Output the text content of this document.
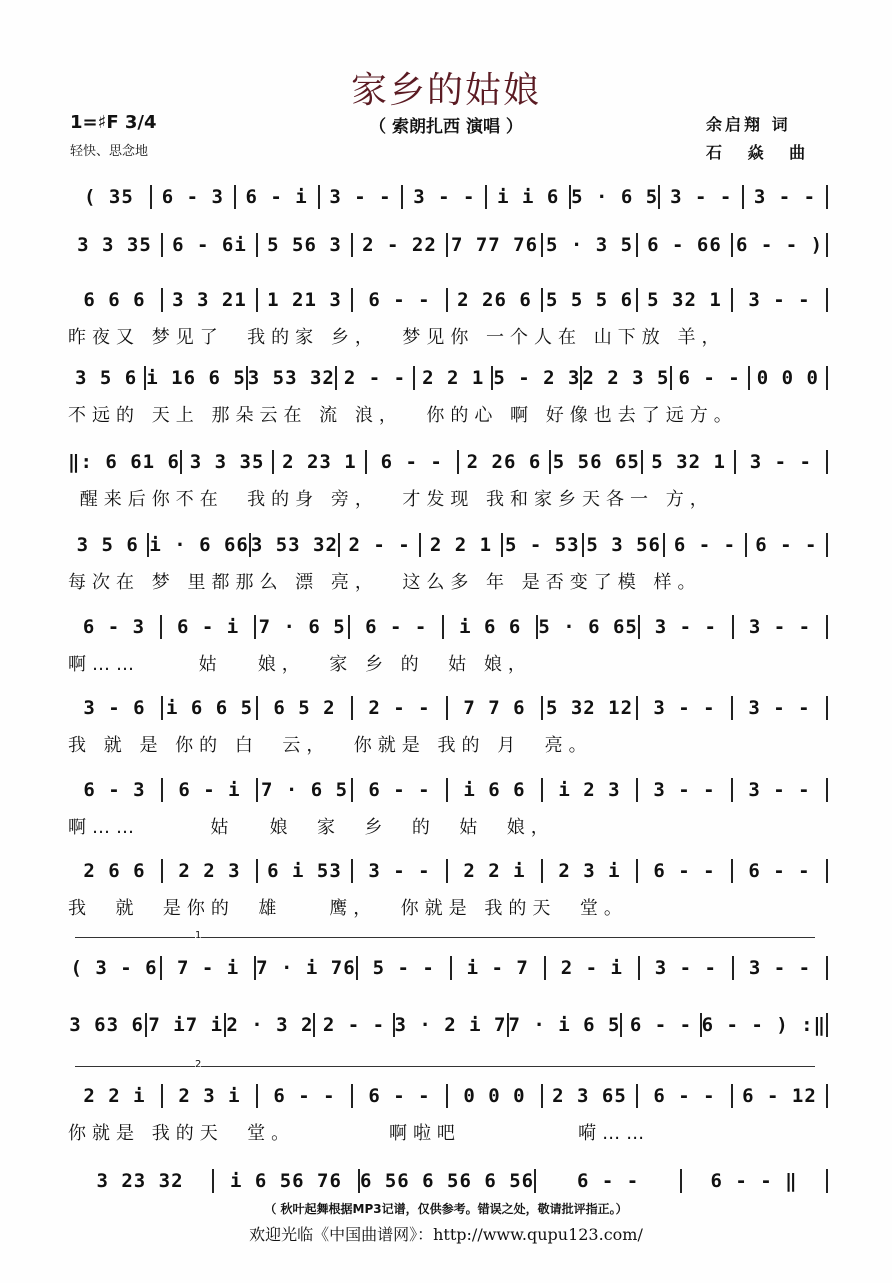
家乡的姑娘
（ 索朗扎西 演唱 ）
1=♯F 3/4
轻快、思念地
余启翔 词
石 焱 曲
( 35	6 - 3	6 - i	3 - -	3 - -	i i 6 5 · 6 5 3 - -	3 - -
3 3 35	6 - 6i	5 56 3	2 - 22 7 77 76 5 · 3 5 6 - 66 6 - - )
6 6 6	3 3 21	1 21 3	6 - -	2 26 6 5 5 5 6 5 32 1	3 - -
昨夜又 梦见了  我的家 乡，  梦见你 一个人在 山下放 羊，
3 5 6 i 16 6 5 3 53 32 2 - - 2 2 1 5 - 2 3 2 2 3 5 6 - - 0 0 0
不远的 天上 那朵云在 流 浪，  你的心 啊 好像也去了远方。
‖: 6 61 6 3 3 35 2 23 1	6 - -	2 26 6 5 56 65 5 32 1	3 - -
醒来后你不在  我的身 旁，  才发现 我和家乡天各一 方，
3 5 6 i · 6 66 3 53 32 2 - -	2 2 1 5 - 53 5 3 56 6 - -	6 - -
每次在 梦 里都那么 漂 亮，  这么多 年 是否变了模 样。
6 - 3	6 - i	7 · 6 5	6 - -	i 6 6 5 · 6 65 3 - -	3 - -
啊……     姑   娘，  家 乡 的  姑 娘，
3 - 6	i 6 6 5	6 5 2	2 - -	7 7 6	5 32 12	3 - -	3 - -
我 就 是 你的 白  云，  你就是 我的 月  亮。
6 - 3	6 - i	7 · 6 5	6 - -	i 6 6	i 2 3	3 - -	3 - -
啊……      姑   娘  家  乡  的  姑  娘，
2 6 6	2 2 3	6 i 53	3 - -	2 2 i	2 3 i	6 - -	6 - -
我  就  是你的  雄    鹰，  你就是 我的天  堂。
( 3 - 6	7 - i 7 · i 76 5 - -	i - 7	2 - i	3 - -	3 - -
3 63 6 7 i7 i 2 · 3 2 2 - - 3 · 2 i 7 7 · i 6 5 6 - - 6 - - ) :‖
2 2 i	2 3 i	6 - -	6 - -	0 0 0	2 3 65	6 - -	6 - 12
你就是 我的天  堂。        啊啦吧          嗬……
3 23 32	i 6 56 76 6 56 6 56 6 56	6 - -	6 - - ‖
1
2
（ 秋叶起舞根据MP3记谱，仅供参考。错误之处，敬请批评指正。）
欢迎光临《中国曲谱网》：http://www.qupu123.com/
